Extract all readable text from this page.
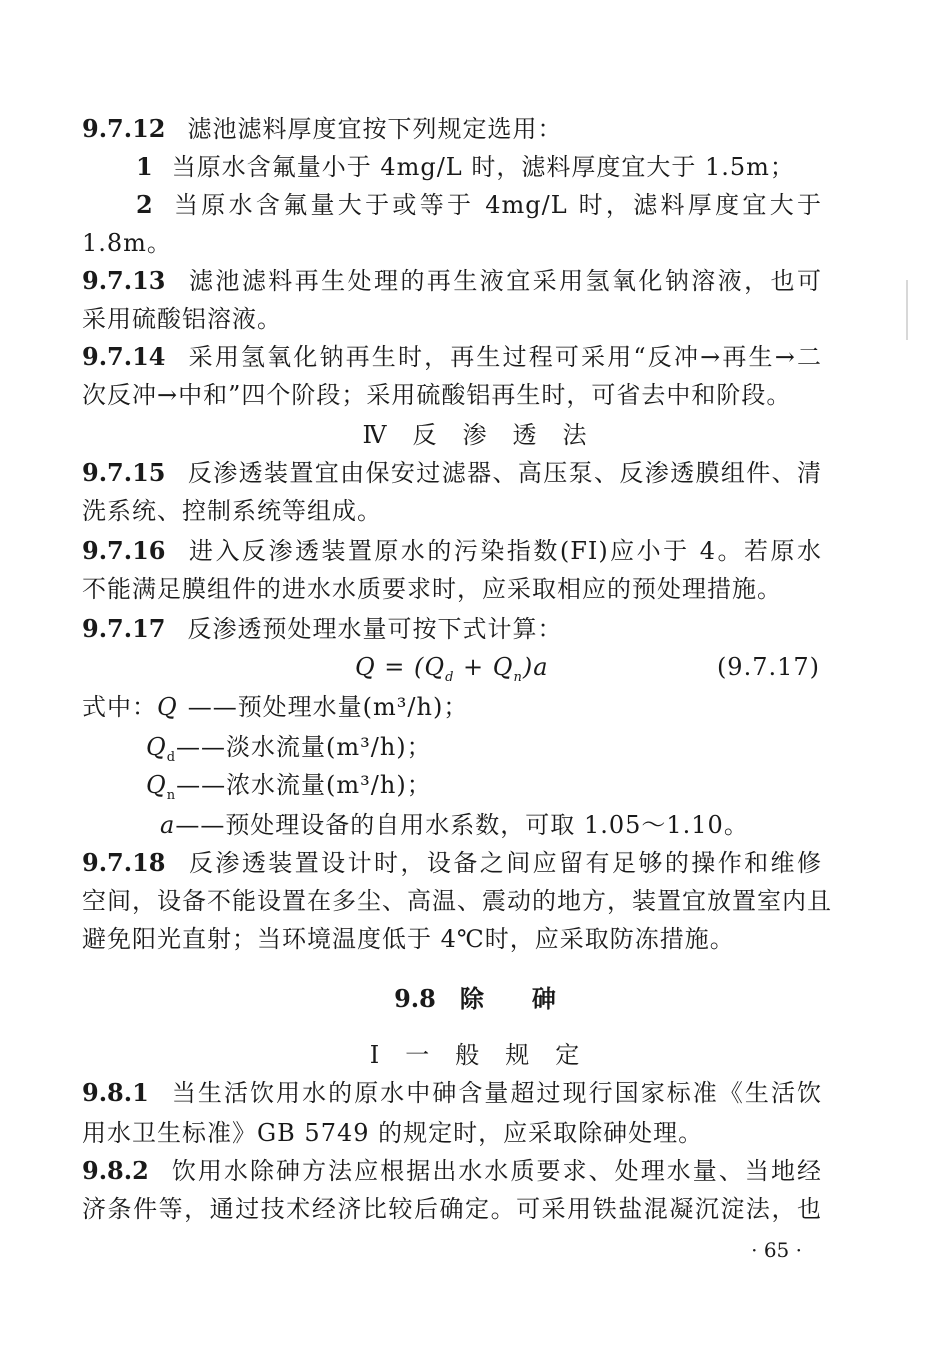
9.7.12 滤池滤料厚度宜按下列规定选用：
1 当原水含氟量小于 4mg/L 时，滤料厚度宜大于 1.5m；
2 当原水含氟量大于或等于 4mg/L 时，滤料厚度宜大于
1.8m。
9.7.13 滤池滤料再生处理的再生液宜采用氢氧化钠溶液，也可
采用硫酸铝溶液。
9.7.14 采用氢氧化钠再生时，再生过程可采用“反冲→再生→二
次反冲→中和”四个阶段；采用硫酸铝再生时，可省去中和阶段。
Ⅳ　反　渗　透　法
9.7.15 反渗透装置宜由保安过滤器、高压泵、反渗透膜组件、清
洗系统、控制系统等组成。
9.7.16 进入反渗透装置原水的污染指数(FI)应小于 4。若原水
不能满足膜组件的进水水质要求时，应采取相应的预处理措施。
9.7.17 反渗透预处理水量可按下式计算：
$Q = (Q_d + Q_n)a$	(9.7.17)
式中：Q ——预处理水量(m³/h)；
$Q_d——$淡水流量(m³/h)；
$Q_n——$浓水流量(m³/h)；
a——预处理设备的自用水系数，可取 1.05～1.10。
9.7.18 反渗透装置设计时，设备之间应留有足够的操作和维修
空间，设备不能设置在多尘、高温、震动的地方，装置宜放置室内且
避免阳光直射；当环境温度低于 4℃时，应采取防冻措施。
9.8　除　　砷
Ⅰ　一　般　规　定
9.8.1 当生活饮用水的原水中砷含量超过现行国家标准《生活饮
用水卫生标准》GB 5749 的规定时，应采取除砷处理。
9.8.2 饮用水除砷方法应根据出水水质要求、处理水量、当地经
济条件等，通过技术经济比较后确定。可采用铁盐混凝沉淀法，也
· 65 ·
